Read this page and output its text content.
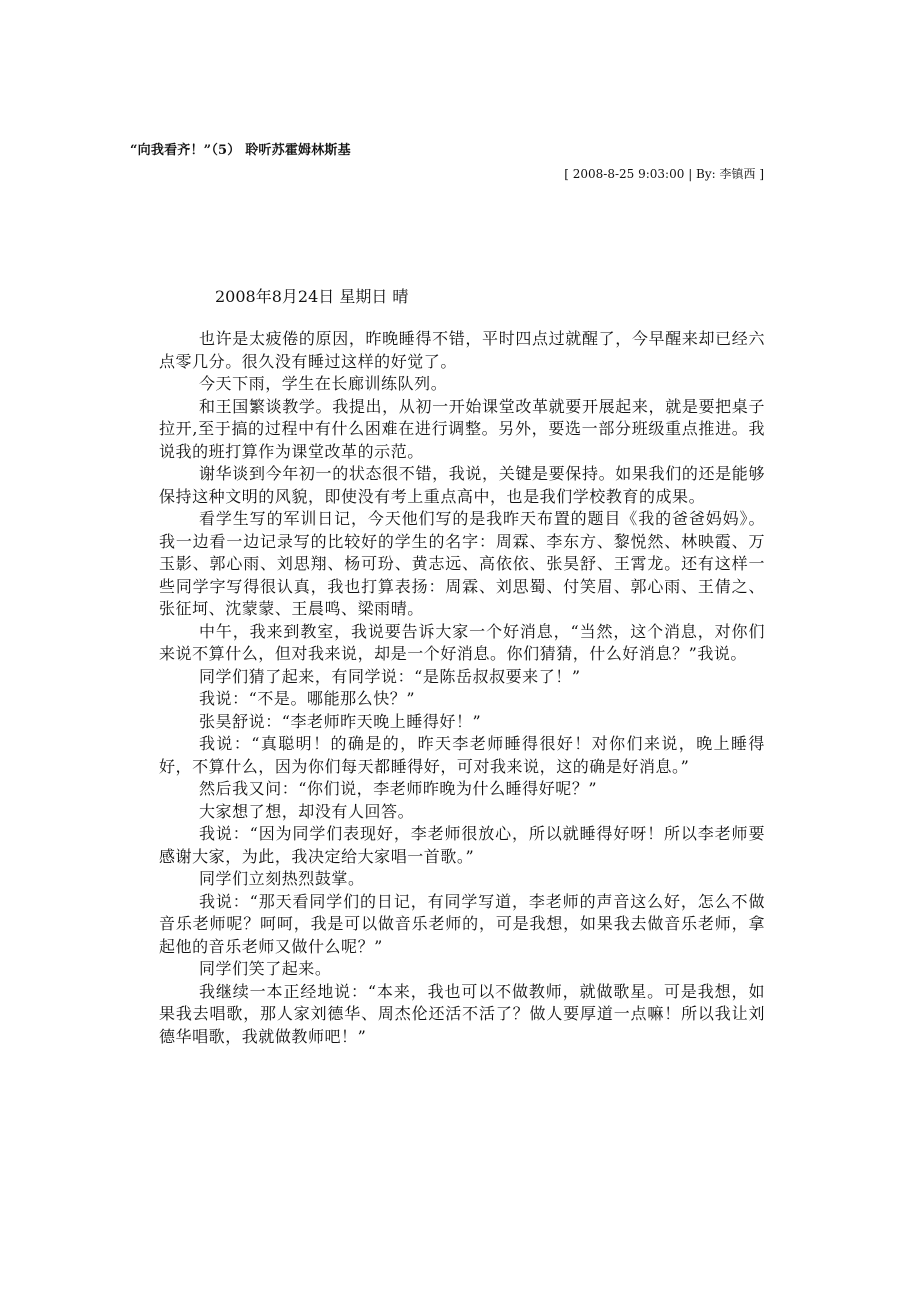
“向我看齐！”（5） 聆听苏霍姆林斯基
[ 2008-8-25 9:03:00 | By: 李镇西 ]
2008年8月24日 星期日 晴

也许是太疲倦的原因，昨晚睡得不错，平时四点过就醒了，今早醒来却已经六点零几分。很久没有睡过这样的好觉了。

今天下雨，学生在长廊训练队列。

和王国繁谈教学。我提出，从初一开始课堂改革就要开展起来，就是要把桌子拉开,至于搞的过程中有什么困难在进行调整。另外，要选一部分班级重点推进。我说我的班打算作为课堂改革的示范。

谢华谈到今年初一的状态很不错，我说，关键是要保持。如果我们的还是能够保持这种文明的风貌，即使没有考上重点高中，也是我们学校教育的成果。

看学生写的军训日记，今天他们写的是我昨天布置的题目《我的爸爸妈妈》。我一边看一边记录写的比较好的学生的名字：周霖、李东方、黎悦然、林映霞、万玉影、郭心雨、刘思翔、杨可玢、黄志远、高依依、张昊舒、王霄龙。还有这样一些同学字写得很认真，我也打算表扬：周霖、刘思蜀、付笑眉、郭心雨、王倩之、张征坷、沈蒙蒙、王晨鸣、梁雨晴。

中午，我来到教室，我说要告诉大家一个好消息，“当然，这个消息，对你们来说不算什么，但对我来说，却是一个好消息。你们猜猜，什么好消息？”我说。

同学们猜了起来，有同学说：“是陈岳叔叔要来了！”

我说：“不是。哪能那么快？”

张昊舒说：“李老师昨天晚上睡得好！”

我说：“真聪明！的确是的，昨天李老师睡得很好！对你们来说，晚上睡得好，不算什么，因为你们每天都睡得好，可对我来说，这的确是好消息。”

然后我又问：“你们说，李老师昨晚为什么睡得好呢？”

大家想了想，却没有人回答。

我说：“因为同学们表现好，李老师很放心，所以就睡得好呀！所以李老师要感谢大家，为此，我决定给大家唱一首歌。”

同学们立刻热烈鼓掌。

我说：“那天看同学们的日记，有同学写道，李老师的声音这么好，怎么不做音乐老师呢？呵呵，我是可以做音乐老师的，可是我想，如果我去做音乐老师，拿起他的音乐老师又做什么呢？”

同学们笑了起来。

我继续一本正经地说：“本来，我也可以不做教师，就做歌星。可是我想，如果我去唱歌，那人家刘德华、周杰伦还活不活了？做人要厚道一点嘛！所以我让刘德华唱歌，我就做教师吧！”
